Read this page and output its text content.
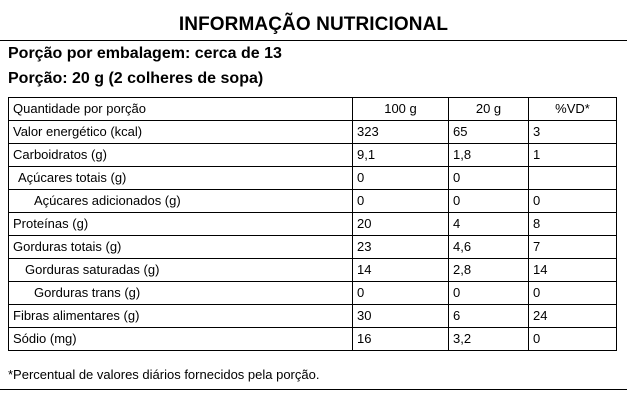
INFORMAÇÃO NUTRICIONAL
Porção por embalagem: cerca de 13
Porção: 20 g (2 colheres de sopa)
Quantidade por porção	100 g	20 g	%VD*
Valor energético (kcal)	323	65	3
Carboidratos (g)	9,1	1,8	1
Açúcares totais (g)	0	0	
Açúcares adicionados (g)	0	0	0
Proteínas (g)	20	4	8
Gorduras totais (g)	23	4,6	7
Gorduras saturadas (g)	14	2,8	14
Gorduras trans (g)	0	0	0
Fibras alimentares (g)	30	6	24
Sódio (mg)	16	3,2	0
*Percentual de valores diários fornecidos pela porção.
